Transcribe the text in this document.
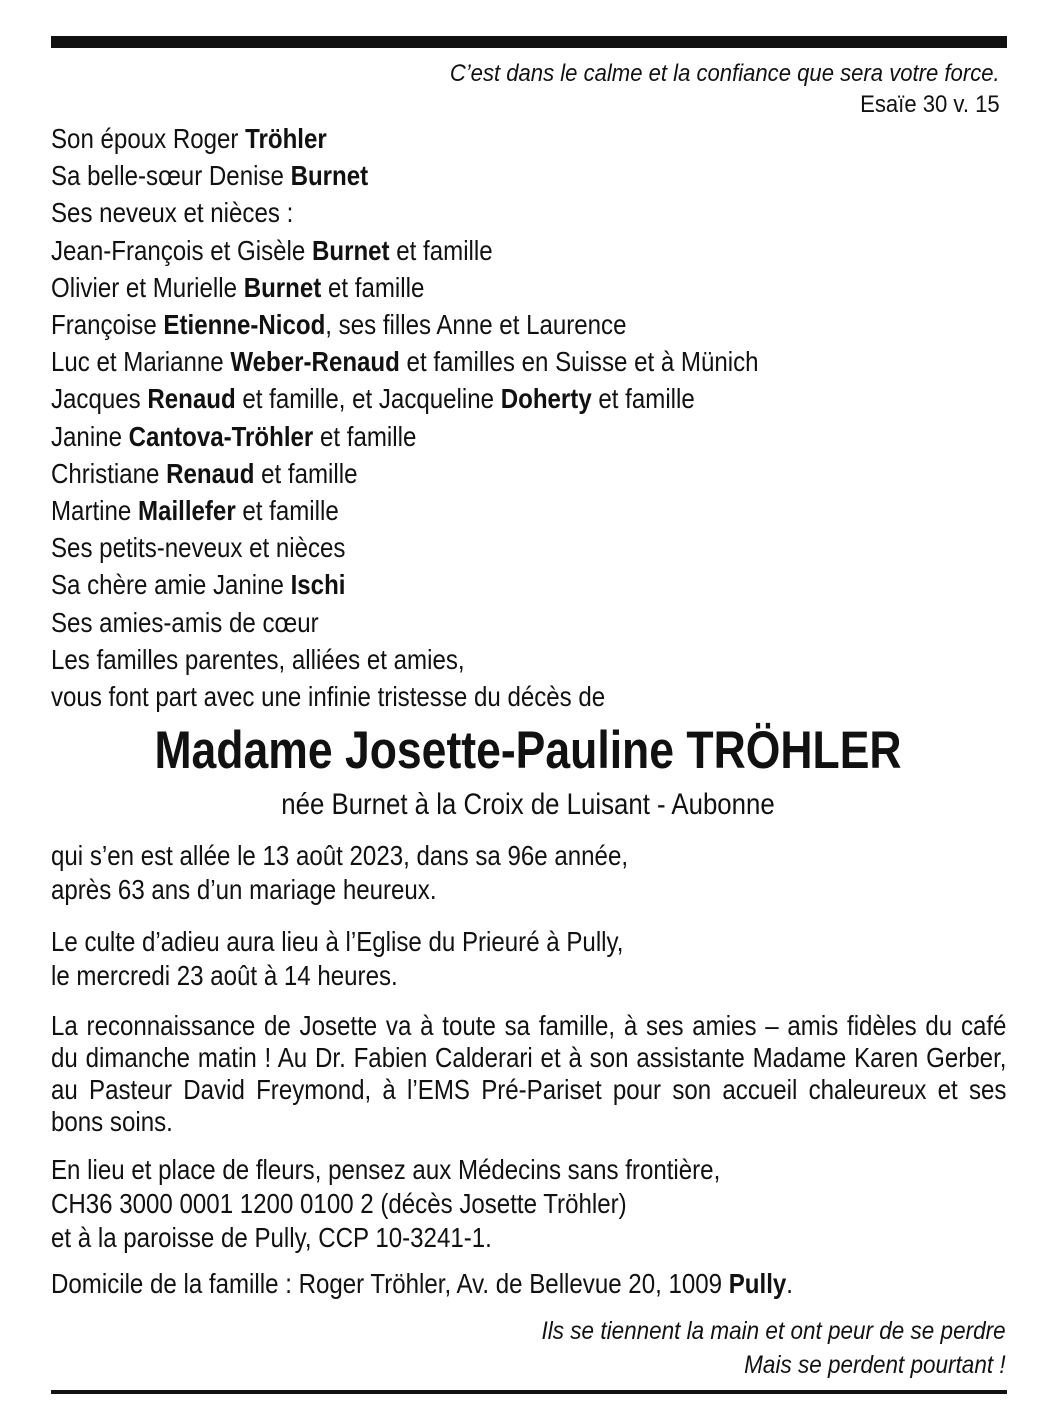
C’est dans le calme et la confiance que sera votre force.
Esaïe 30 v. 15
Son époux Roger Tröhler
Sa belle-sœur Denise Burnet
Ses neveux et nièces :
Jean-François et Gisèle Burnet et famille
Olivier et Murielle Burnet et famille
Françoise Etienne-Nicod, ses filles Anne et Laurence
Luc et Marianne Weber-Renaud et familles en Suisse et à Münich
Jacques Renaud et famille, et Jacqueline Doherty et famille
Janine Cantova-Tröhler et famille
Christiane Renaud et famille
Martine Maillefer et famille
Ses petits-neveux et nièces
Sa chère amie Janine Ischi
Ses amies-amis de cœur
Les familles parentes, alliées et amies,
vous font part avec une infinie tristesse du décès de
Madame Josette-Pauline TRÖHLER
née Burnet à la Croix de Luisant - Aubonne
qui s’en est allée le 13 août 2023, dans sa 96e année,
après 63 ans d’un mariage heureux.
Le culte d’adieu aura lieu à l’Eglise du Prieuré à Pully,
le mercredi 23 août à 14 heures.
La reconnaissance de Josette va à toute sa famille, à ses amies – amis fidèles du café du dimanche matin ! Au Dr. Fabien Calderari et à son assistante Madame Karen Gerber, au Pasteur David Freymond, à l’EMS Pré-Pariset pour son accueil chaleureux et ses bons soins.
En lieu et place de fleurs, pensez aux Médecins sans frontière,
CH36 3000 0001 1200 0100 2 (décès Josette Tröhler)
et à la paroisse de Pully, CCP 10-3241-1.
Domicile de la famille : Roger Tröhler, Av. de Bellevue 20, 1009 Pully.
Ils se tiennent la main et ont peur de se perdre
Mais se perdent pourtant !
